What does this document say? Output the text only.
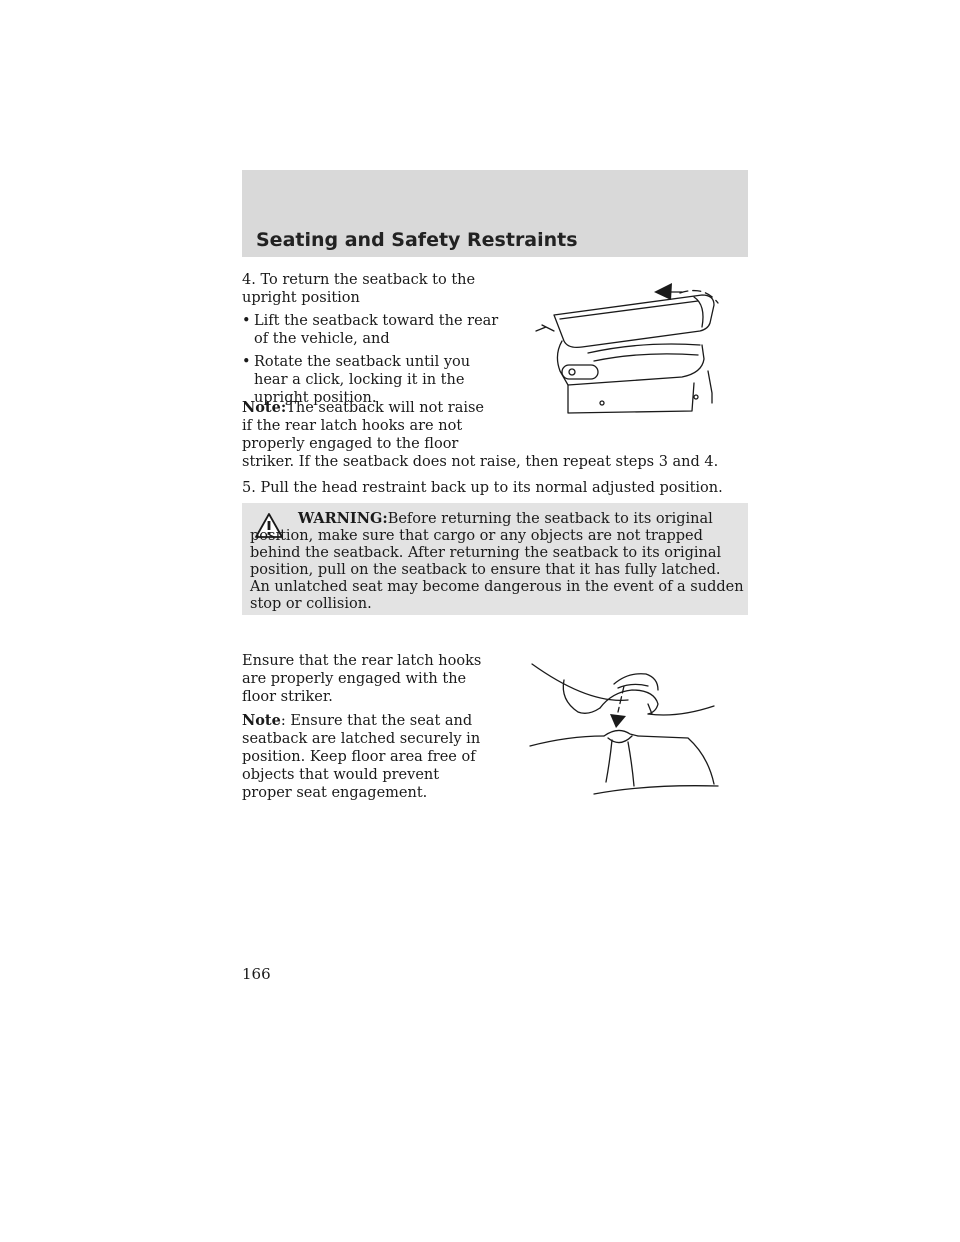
Seating and Safety Restraints

4. To return the seatback to the upright position

• Lift the seatback toward the rear of the vehicle, and
• Rotate the seatback until you hear a click, locking it in the upright position.
Note:The seatback will not raise if the rear latch hooks are not properly engaged to the floor striker. If the seatback does not raise, then repeat steps 3 and 4.

5. Pull the head restraint back up to its normal adjusted position.

WARNING:Before returning the seatback to its original position, make sure that cargo or any objects are not trapped behind the seatback. After returning the seatback to its original position, pull on the seatback to ensure that it has fully latched. An unlatched seat may become dangerous in the event of a sudden stop or collision.

Ensure that the rear latch hooks are properly engaged with the floor striker.

Note: Ensure that the seat and seatback are latched securely in position. Keep floor area free of objects that would prevent proper seat engagement.

166
